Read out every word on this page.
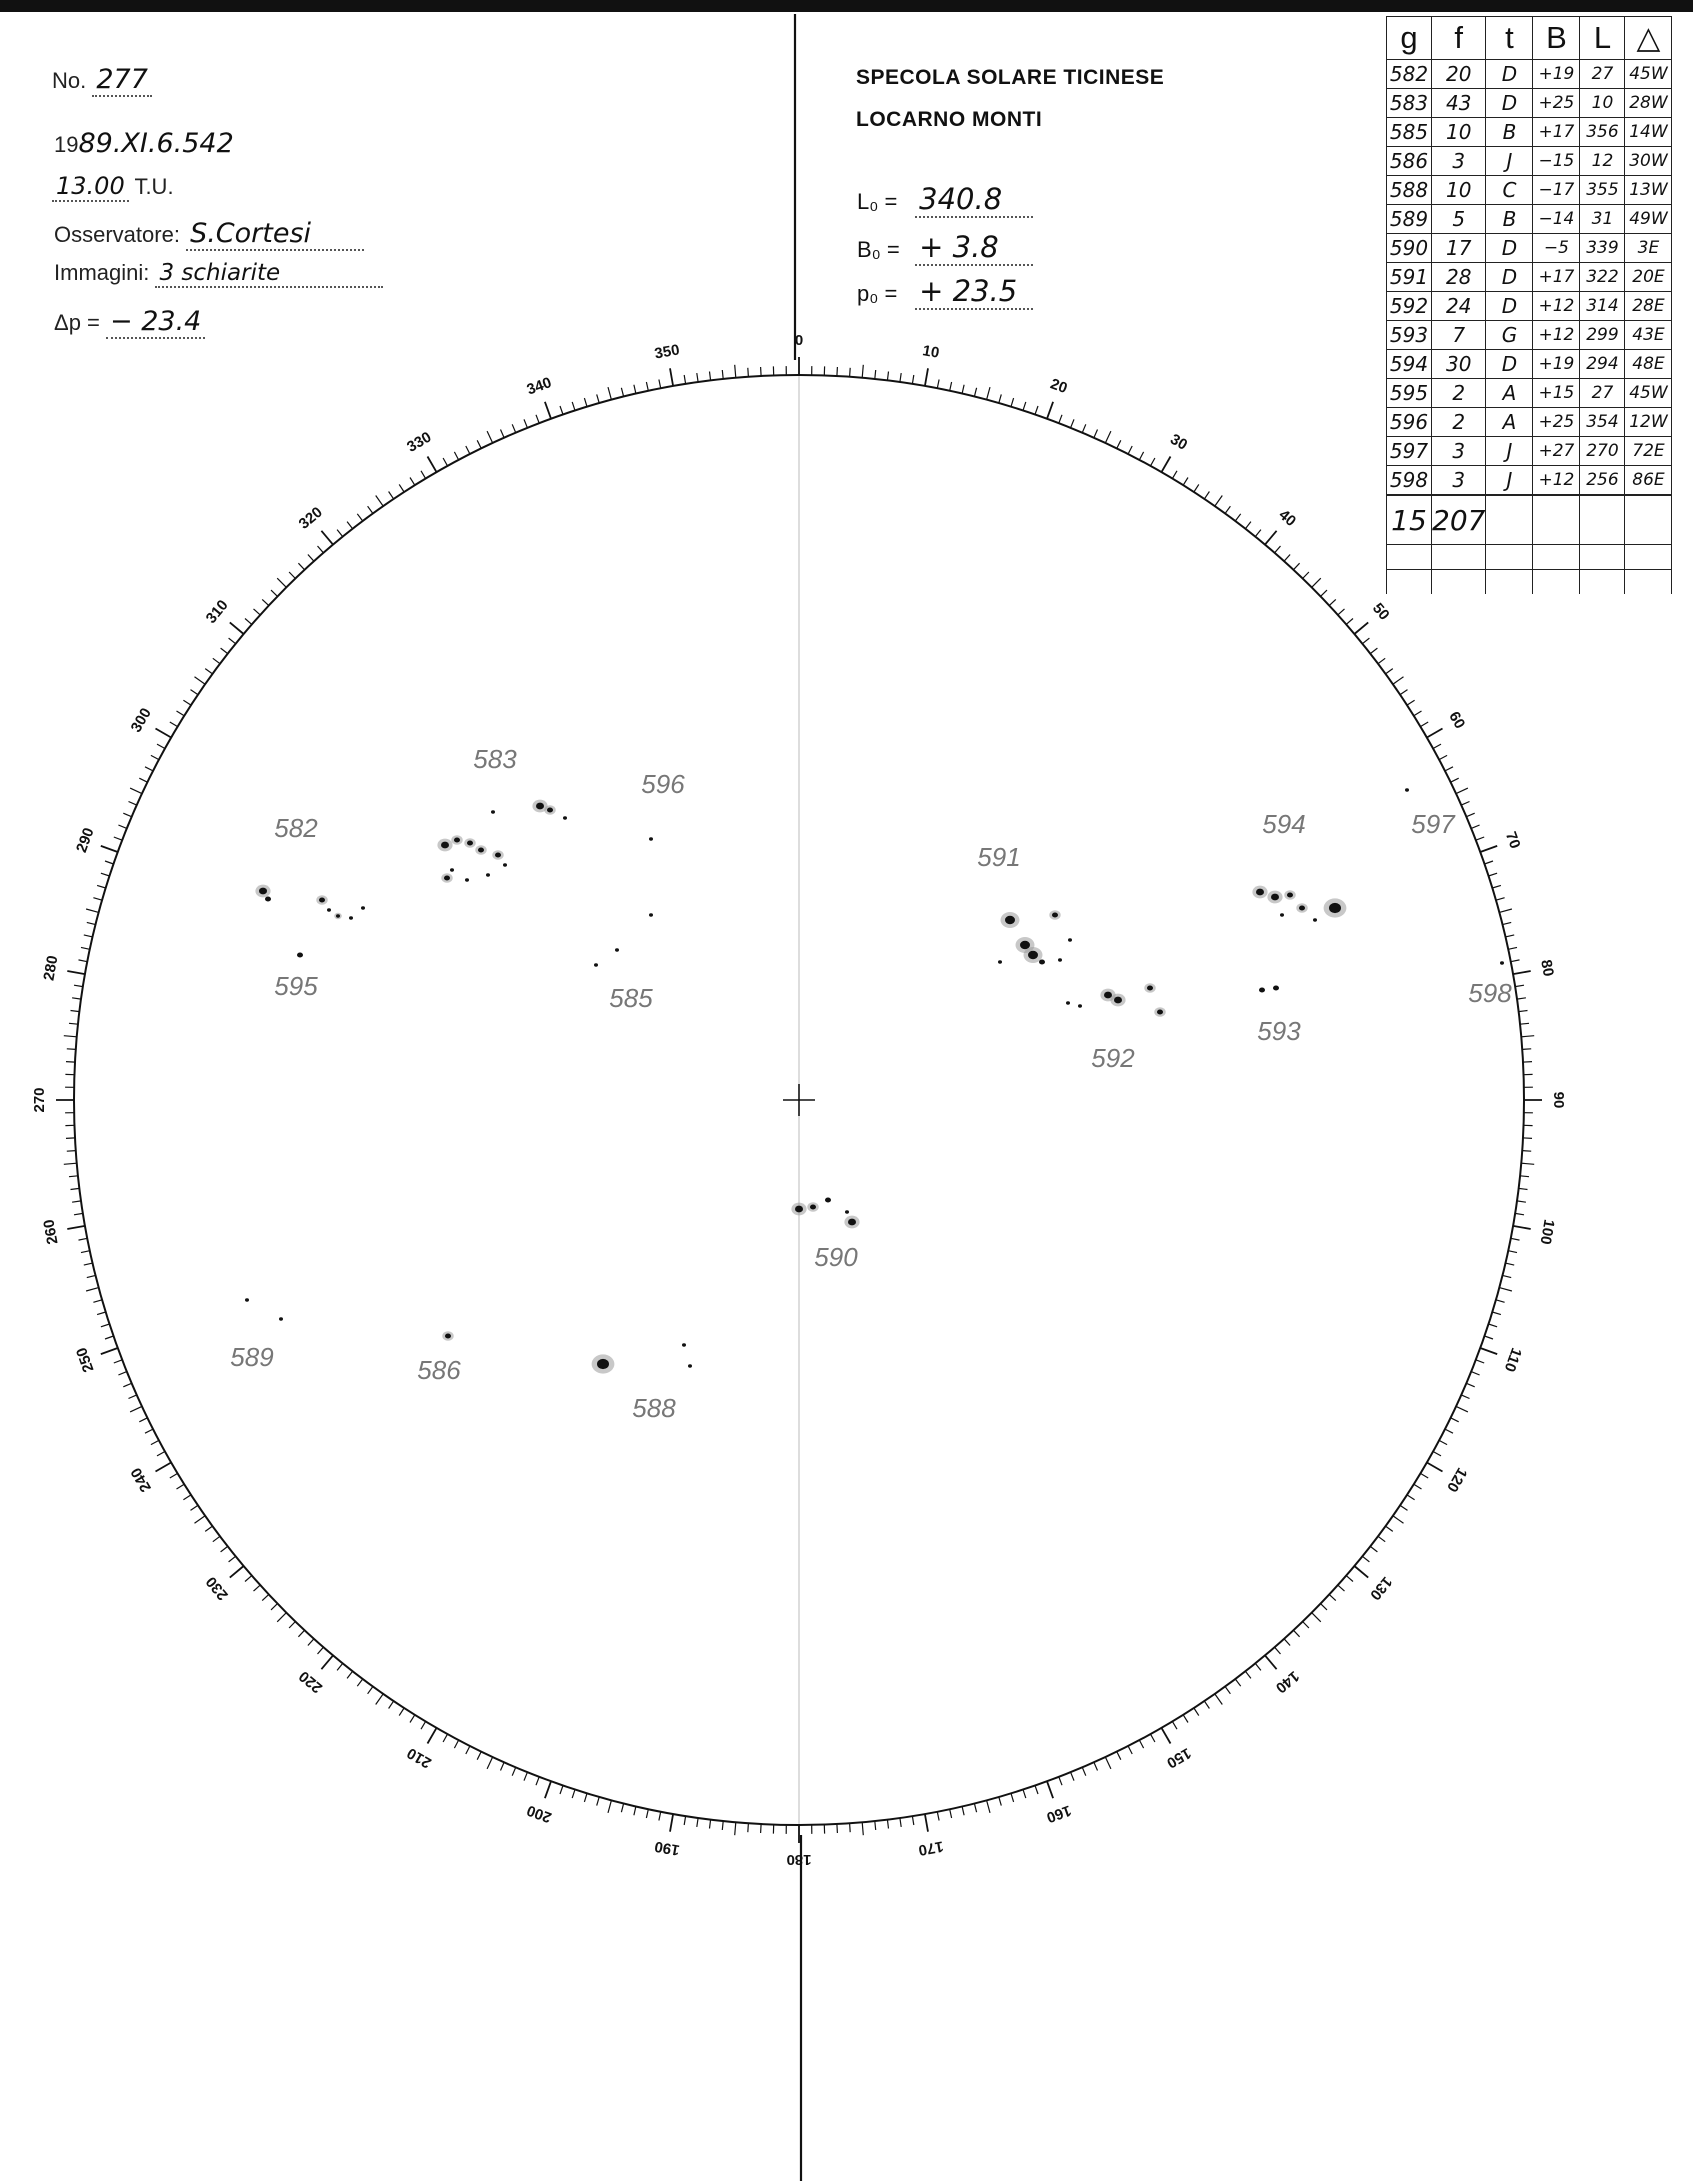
No. 277
1989.XI.6.542
13.00 T.U.
Osservatore: S.Cortesi
Immagini: 3 schiarite
Δp = − 23.4
SPECOLA SOLARE TICINESE
LOCARNO MONTI
L₀ = 340.8
B₀ = + 3.8
p₀ = + 23.5
g	f	t	B	L	△
582	20	D	+19	27	45W
583	43	D	+25	10	28W
585	10	B	+17	356	14W
586	3	J	−15	12	30W
588	10	C	−17	355	13W
589	5	B	−14	31	49W
590	17	D	−5	339	3E
591	28	D	+17	322	20E
592	24	D	+12	314	28E
593	7	G	+12	299	43E
594	30	D	+19	294	48E
595	2	A	+15	27	45W
596	2	A	+25	354	12W
597	3	J	+27	270	72E
598	3	J	+12	256	86E
15	207				

0
10
20
30
40
50
60
70
80
90
100
110
120
130
140
150
160
170
180
190
200
210
220
230
240
250
260
270
280
290
300
310
320
330
340
350
582
583
596
595	585
591
594	597
592
593
598
590
589	586
588
